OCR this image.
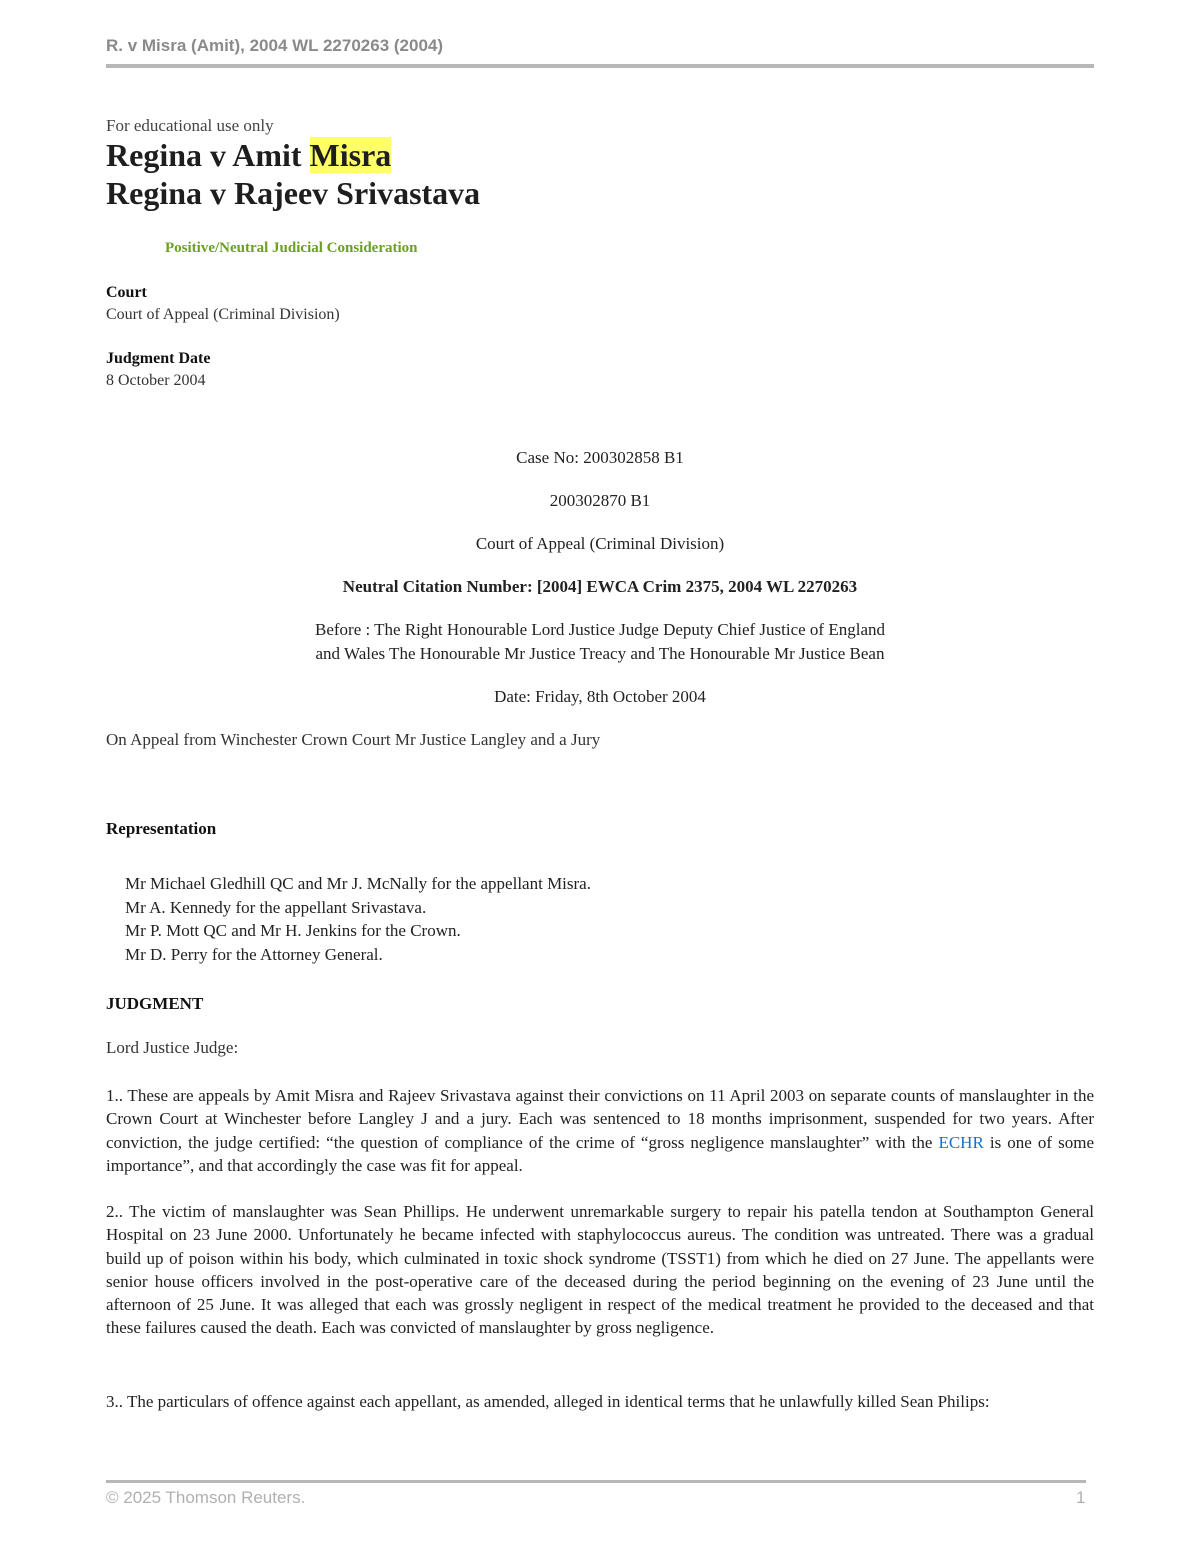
R. v Misra (Amit), 2004 WL 2270263 (2004)
For educational use only
Regina v Amit Misra
Regina v Rajeev Srivastava
Positive/Neutral Judicial Consideration
Court
Court of Appeal (Criminal Division)
Judgment Date
8 October 2004
Case No: 200302858 B1
200302870 B1
Court of Appeal (Criminal Division)
Neutral Citation Number: [2004] EWCA Crim 2375, 2004 WL 2270263
Before : The Right Honourable Lord Justice Judge Deputy Chief Justice of England
and Wales The Honourable Mr Justice Treacy and The Honourable Mr Justice Bean
Date: Friday, 8th October 2004
On Appeal from Winchester Crown Court Mr Justice Langley and a Jury
Representation
Mr Michael Gledhill QC and Mr J. McNally for the appellant Misra.
Mr A. Kennedy for the appellant Srivastava.
Mr P. Mott QC and Mr H. Jenkins for the Crown.
Mr D. Perry for the Attorney General.
JUDGMENT
Lord Justice Judge:

1.. These are appeals by Amit Misra and Rajeev Srivastava against their convictions on 11 April 2003 on separate counts of manslaughter in the Crown Court at Winchester before Langley J and a jury. Each was sentenced to 18 months imprisonment, suspended for two years. After conviction, the judge certified: “the question of compliance of the crime of “gross negligence manslaughter” with the ECHR is one of some importance”, and that accordingly the case was fit for appeal.

2.. The victim of manslaughter was Sean Phillips. He underwent unremarkable surgery to repair his patella tendon at Southampton General Hospital on 23 June 2000. Unfortunately he became infected with staphylococcus aureus. The condition was untreated. There was a gradual build up of poison within his body, which culminated in toxic shock syndrome (TSST1) from which he died on 27 June. The appellants were senior house officers involved in the post-operative care of the deceased during the period beginning on the evening of 23 June until the afternoon of 25 June. It was alleged that each was grossly negligent in respect of the medical treatment he provided to the deceased and that these failures caused the death. Each was convicted of manslaughter by gross negligence.

3.. The particulars of offence against each appellant, as amended, alleged in identical terms that he unlawfully killed Sean Philips:

© 2025 Thomson Reuters.	1
